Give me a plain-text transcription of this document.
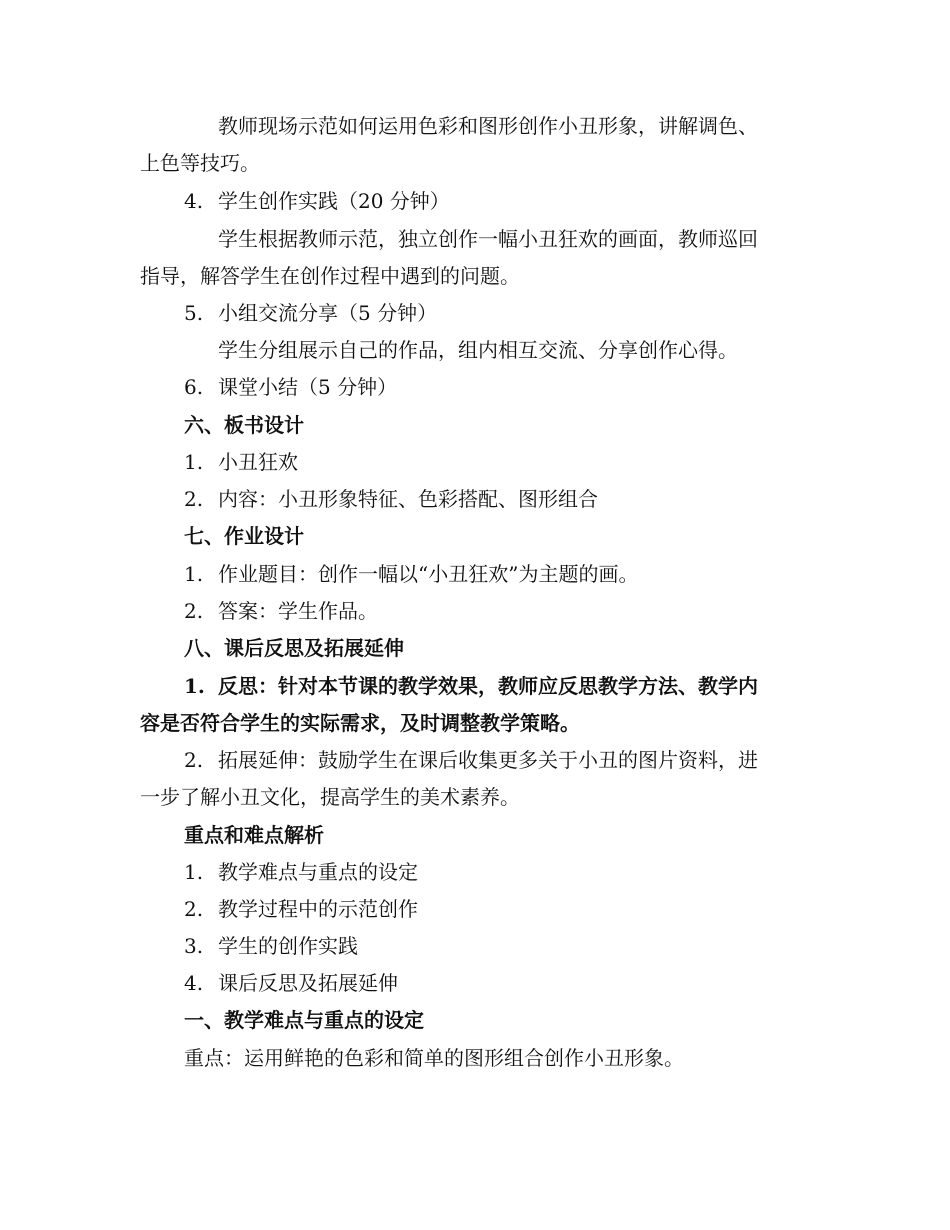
教师现场示范如何运用色彩和图形创作小丑形象，讲解调色、
上色等技巧。
4. 学生创作实践（20 分钟）
学生根据教师示范，独立创作一幅小丑狂欢的画面，教师巡回
指导，解答学生在创作过程中遇到的问题。
5. 小组交流分享（5 分钟）
学生分组展示自己的作品，组内相互交流、分享创作心得。
6. 课堂小结（5 分钟）
六、板书设计
1. 小丑狂欢
2. 内容：小丑形象特征、色彩搭配、图形组合
七、作业设计
1. 作业题目：创作一幅以“小丑狂欢”为主题的画。
2. 答案：学生作品。
八、课后反思及拓展延伸
1. 反思：针对本节课的教学效果，教师应反思教学方法、教学内
容是否符合学生的实际需求，及时调整教学策略。
2. 拓展延伸：鼓励学生在课后收集更多关于小丑的图片资料，进
一步了解小丑文化，提高学生的美术素养。
重点和难点解析
1. 教学难点与重点的设定
2. 教学过程中的示范创作
3. 学生的创作实践
4. 课后反思及拓展延伸
一、教学难点与重点的设定
重点：运用鲜艳的色彩和简单的图形组合创作小丑形象。
